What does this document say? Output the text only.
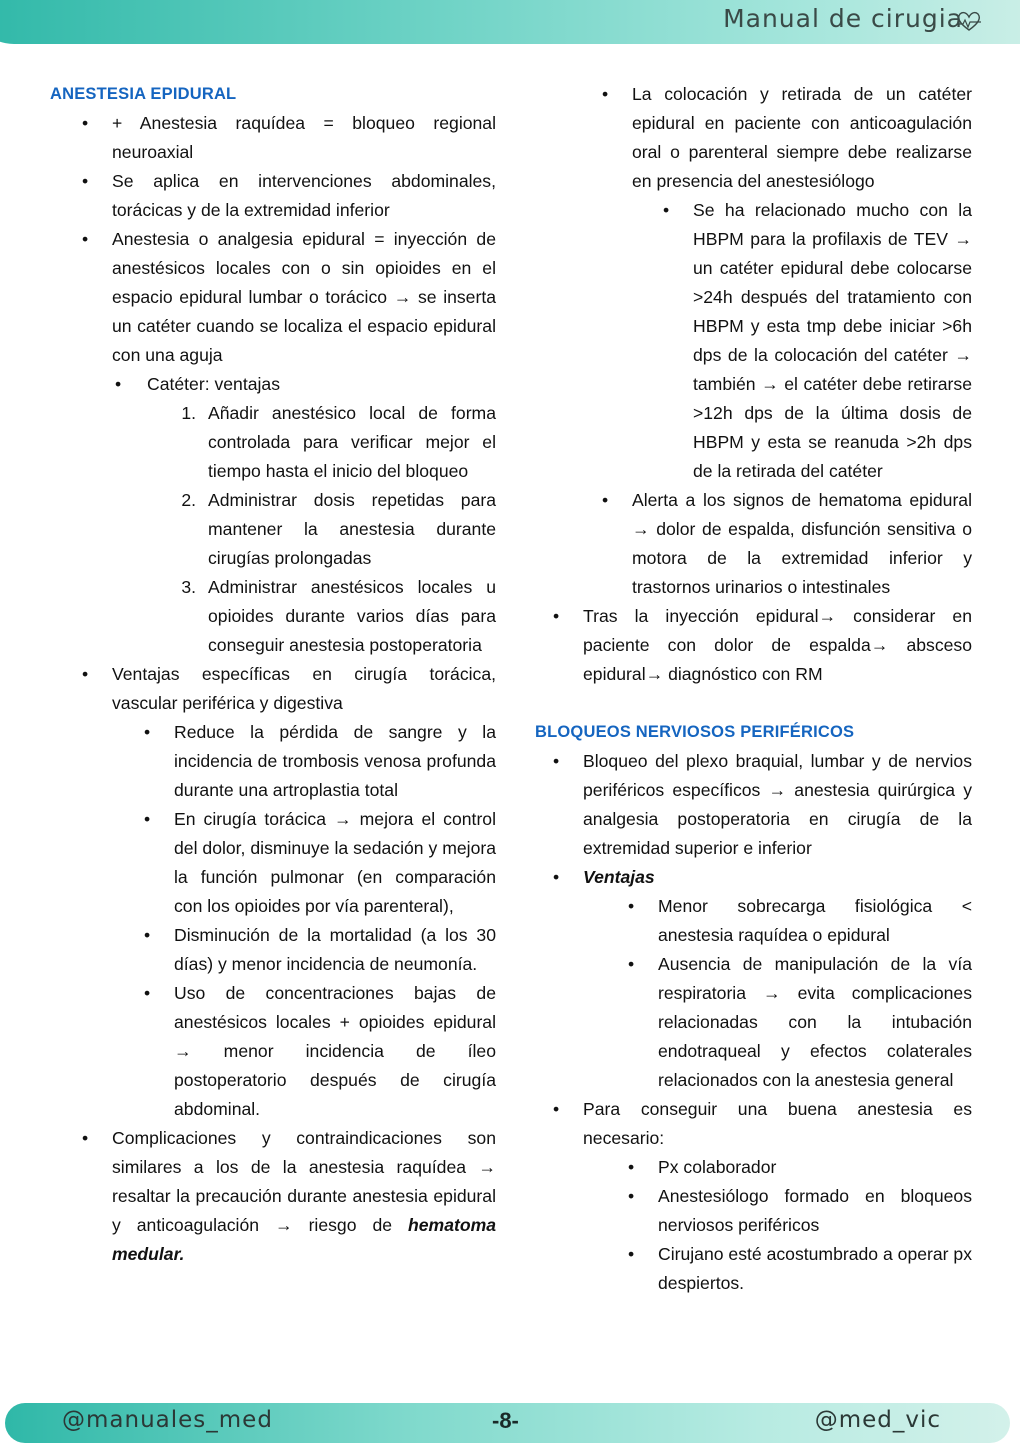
Manual de cirugia
ANESTESIA EPIDURAL
•
+ Anestesia raquídea = bloqueo regional neuroaxial
•
Se aplica en intervenciones abdominales, torácicas y de la extremidad inferior
•
Anestesia o analgesia epidural = inyección de anestésicos locales con o sin opioides en el espacio epidural lumbar o torácico → se inserta un catéter cuando se localiza el espacio epidural con una aguja
•
Catéter: ventajas
1. Añadir anestésico local de forma controlada para verificar mejor el tiempo hasta el inicio del bloqueo
2. Administrar dosis repetidas para mantener la anestesia durante cirugías prolongadas
3. Administrar anestésicos locales u opioides durante varios días para conseguir anestesia postoperatoria
•
Ventajas específicas en cirugía torácica, vascular periférica y digestiva
•
Reduce la pérdida de sangre y la incidencia de trombosis venosa profunda durante una artroplastia total
•
En cirugía torácica → mejora el control del dolor, disminuye la sedación y mejora la función pulmonar (en comparación con los opioides por vía parenteral),
•
Disminución de la mortalidad (a los 30 días) y menor incidencia de neumonía.
•
Uso de concentraciones bajas de anestésicos locales + opioides epidural → menor incidencia de íleo postoperatorio después de cirugía abdominal.
•
Complicaciones y contraindicaciones son similares a los de la anestesia raquídea → resaltar la precaución durante anestesia epidural y anticoagulación → riesgo de hematoma medular.
•
La colocación y retirada de un catéter epidural en paciente con anticoagulación oral o parenteral siempre debe realizarse en presencia del anestesiólogo
•
Se ha relacionado mucho con la HBPM para la profilaxis de TEV → un catéter epidural debe colocarse >24h después del tratamiento con HBPM y esta tmp debe iniciar >6h dps de la colocación del catéter → también → el catéter debe retirarse >12h dps de la última dosis de HBPM y esta se reanuda >2h dps de la retirada del catéter
•
Alerta a los signos de hematoma epidural → dolor de espalda, disfunción sensitiva o motora de la extremidad inferior y trastornos urinarios o intestinales
•
Tras la inyección epidural→ considerar en paciente con dolor de espalda→ absceso epidural→ diagnóstico con RM
BLOQUEOS NERVIOSOS PERIFÉRICOS
•
Bloqueo del plexo braquial, lumbar y de nervios periféricos específicos → anestesia quirúrgica y analgesia postoperatoria en cirugía de la extremidad superior e inferior
•
Ventajas
•
Menor sobrecarga fisiológica < anestesia raquídea o epidural
•
Ausencia de manipulación de la vía respiratoria → evita complicaciones relacionadas con la intubación endotraqueal y efectos colaterales relacionados con la anestesia general
•
Para conseguir una buena anestesia es necesario:
•
Px colaborador
•
Anestesiólogo formado en bloqueos nerviosos periféricos
•
Cirujano esté acostumbrado a operar px despiertos.
@manuales_med	-8-	@med_vic
